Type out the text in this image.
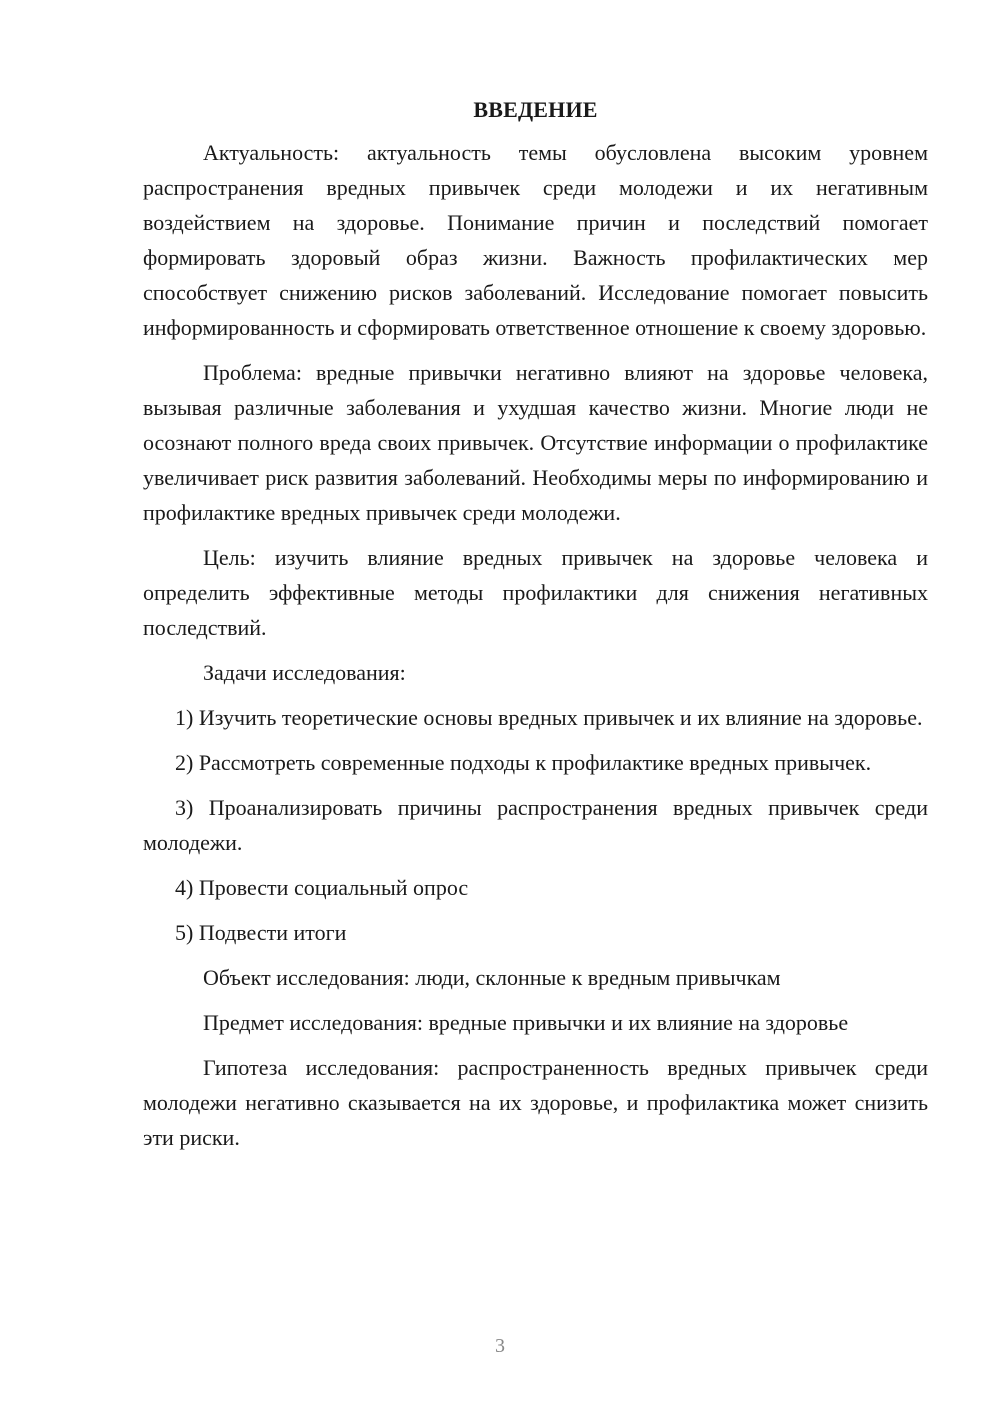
ВВЕДЕНИЕ

Актуальность: актуальность темы обусловлена высоким уровнем распространения вредных привычек среди молодежи и их негативным воздействием на здоровье. Понимание причин и последствий помогает формировать здоровый образ жизни. Важность профилактических мер способствует снижению рисков заболеваний. Исследование помогает повысить информированность и сформировать ответственное отношение к своему здоровью.

Проблема: вредные привычки негативно влияют на здоровье человека, вызывая различные заболевания и ухудшая качество жизни. Многие люди не осознают полного вреда своих привычек. Отсутствие информации о профилактике увеличивает риск развития заболеваний. Необходимы меры по информированию и профилактике вредных привычек среди молодежи.

Цель: изучить влияние вредных привычек на здоровье человека и определить эффективные методы профилактики для снижения негативных последствий.

Задачи исследования:

1) Изучить теоретические основы вредных привычек и их влияние на здоровье.

2) Рассмотреть современные подходы к профилактике вредных привычек.

3) Проанализировать причины распространения вредных привычек среди молодежи.

4) Провести социальный опрос

5) Подвести итоги

Объект исследования: люди, склонные к вредным привычкам

Предмет исследования: вредные привычки и их влияние на здоровье

Гипотеза исследования: распространенность вредных привычек среди молодежи негативно сказывается на их здоровье, и профилактика может снизить эти риски.

3
